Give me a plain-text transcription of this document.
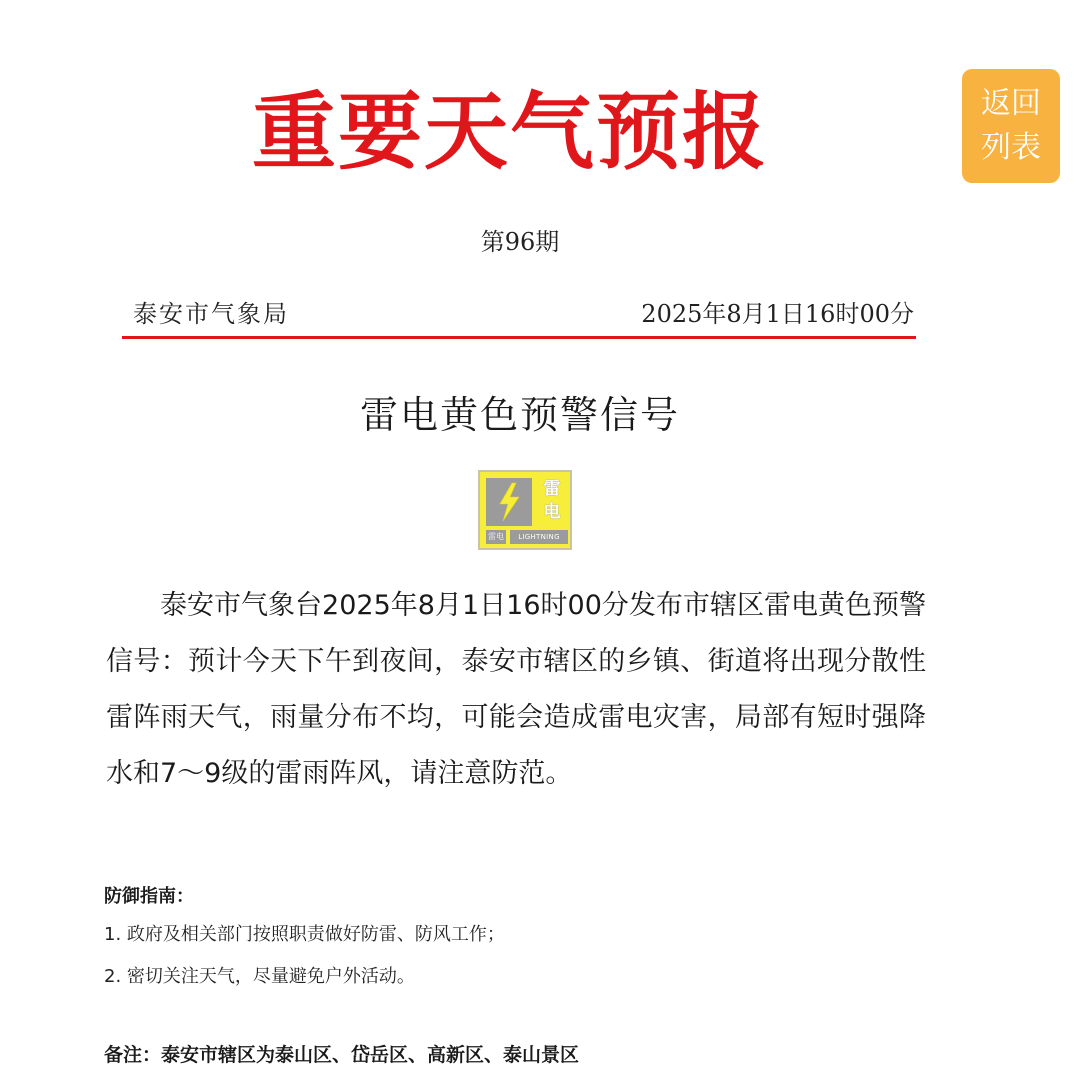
重要天气预报	返回
列表
第96期
泰安市气象局	2025年8月1日16时00分
雷电黄色预警信号
雷
电
雷电	LIGHTNING
泰安市气象台2025年8月1日16时00分发布市辖区雷电黄色预警信号：预计今天下午到夜间，泰安市辖区的乡镇、街道将出现分散性雷阵雨天气，雨量分布不均，可能会造成雷电灾害，局部有短时强降水和7～9级的雷雨阵风，请注意防范。
防御指南：
1. 政府及相关部门按照职责做好防雷、防风工作；
2. 密切关注天气，尽量避免户外活动。
备注：泰安市辖区为泰山区、岱岳区、高新区、泰山景区
